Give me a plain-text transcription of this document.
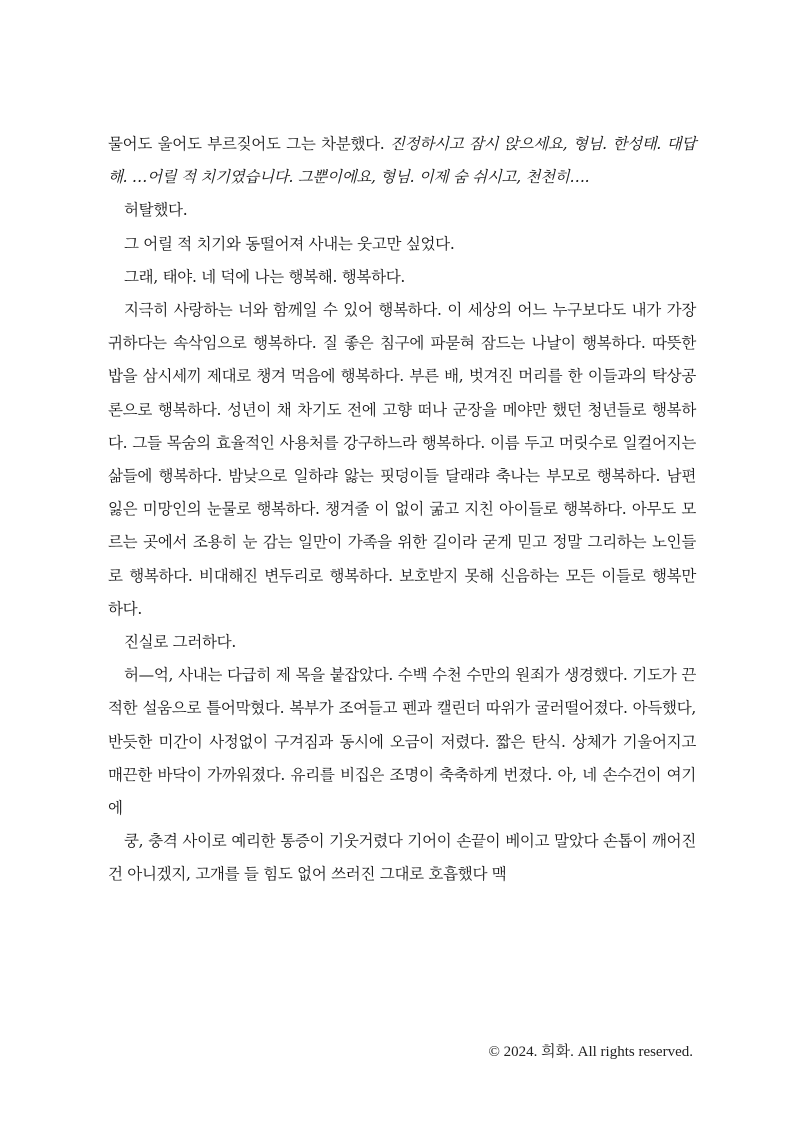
물어도 울어도 부르짖어도 그는 차분했다. 진정하시고 잠시 앉으세요, 형님. 한성태. 대답해. …어릴 적 치기였습니다. 그뿐이에요, 형님. 이제 숨 쉬시고, 천천히….

허탈했다.

그 어릴 적 치기와 동떨어져 사내는 웃고만 싶었다.

그래, 태야. 네 덕에 나는 행복해. 행복하다.

지극히 사랑하는 너와 함께일 수 있어 행복하다. 이 세상의 어느 누구보다도 내가 가장 귀하다는 속삭임으로 행복하다. 질 좋은 침구에 파묻혀 잠드는 나날이 행복하다. 따뜻한 밥을 삼시세끼 제대로 챙겨 먹음에 행복하다. 부른 배, 벗겨진 머리를 한 이들과의 탁상공론으로 행복하다. 성년이 채 차기도 전에 고향 떠나 군장을 메야만 했던 청년들로 행복하다. 그들 목숨의 효율적인 사용처를 강구하느라 행복하다. 이름 두고 머릿수로 일컬어지는 삶들에 행복하다. 밤낮으로 일하랴 앓는 핏덩이들 달래랴 축나는 부모로 행복하다. 남편 잃은 미망인의 눈물로 행복하다. 챙겨줄 이 없이 굶고 지친 아이들로 행복하다. 아무도 모르는 곳에서 조용히 눈 감는 일만이 가족을 위한 길이라 굳게 믿고 정말 그리하는 노인들로 행복하다. 비대해진 변두리로 행복하다. 보호받지 못해 신음하는 모든 이들로 행복만 하다.

진실로 그러하다.

허—억, 사내는 다급히 제 목을 붙잡았다. 수백 수천 수만의 원죄가 생경했다. 기도가 끈적한 설움으로 틀어막혔다. 복부가 조여들고 펜과 캘린더 따위가 굴러떨어졌다. 아득했다, 반듯한 미간이 사정없이 구겨짐과 동시에 오금이 저렸다. 짧은 탄식. 상체가 기울어지고 매끈한 바닥이 가까워졌다. 유리를 비집은 조명이 축축하게 번졌다. 아, 네 손수건이 여기에

쿵, 충격 사이로 예리한 통증이 기웃거렸다 기어이 손끝이 베이고 말았다 손톱이 깨어진 건 아니겠지, 고개를 들 힘도 없어 쓰러진 그대로 호흡했다 맥

© 2024. 희화. All rights reserved.
